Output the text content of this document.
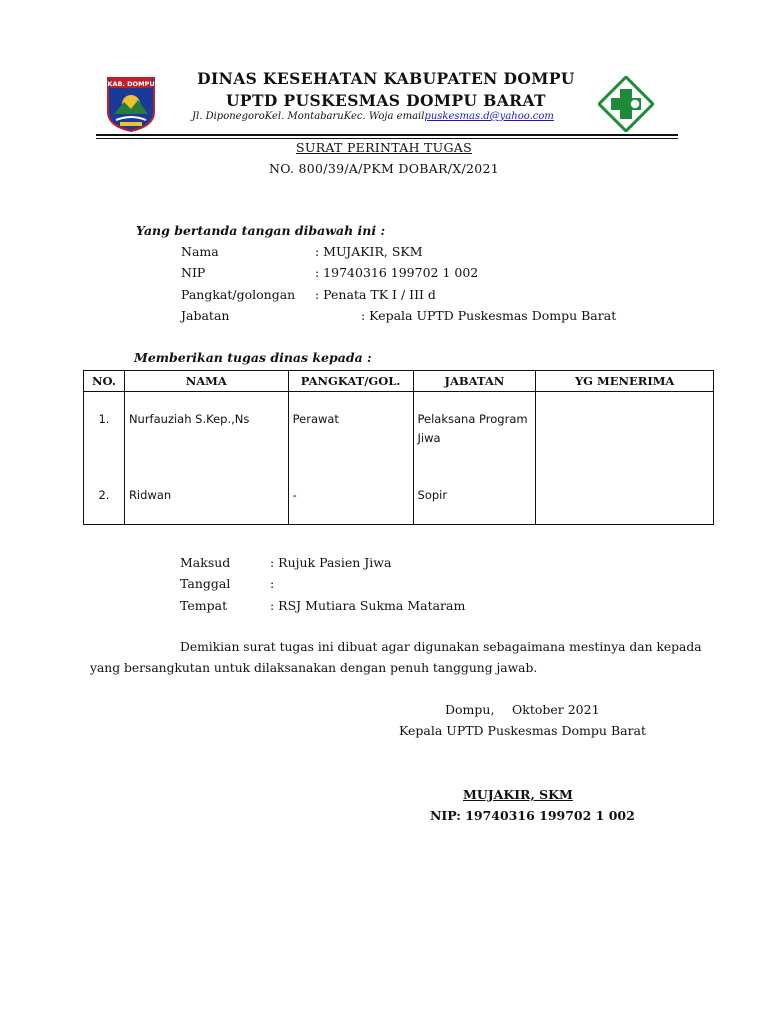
KAB. DOMPU	DINAS KESEHATAN KABUPATEN DOMPU
UPTD PUSKESMAS DOMPU BARAT
Jl. DiponegoroKel. MontabaruKec. Woja emailpuskesmas.d@yahoo.com
SURAT PERINTAH TUGAS
NO. 800/39/A/PKM DOBAR/X/2021
Yang bertanda tangan dibawah ini :
Nama	: MUJAKIR, SKM
NIP	: 19740316 199702 1 002
Pangkat/golongan : Penata TK I / III d
Jabatan	: Kepala UPTD Puskesmas Dompu Barat
Memberikan tugas dinas kepada :
NO.	NAMA	PANGKAT/GOL.	JABATAN	YG MENERIMA
1.	Nurfauziah S.Kep.,Ns	Perawat	Pelaksana Program Jiwa	
2.	Ridwan	-	Sopir	
Maksud	: Rujuk Pasien Jiwa
Tanggal	:
Tempat	: RSJ Mutiara Sukma Mataram
Demikian surat tugas ini dibuat agar digunakan sebagaimana mestinya dan kepada
yang bersangkutan untuk dilaksanakan dengan penuh tanggung jawab.
Dompu, Oktober 2021
Kepala UPTD Puskesmas Dompu Barat
MUJAKIR, SKM
NIP: 19740316 199702 1 002
